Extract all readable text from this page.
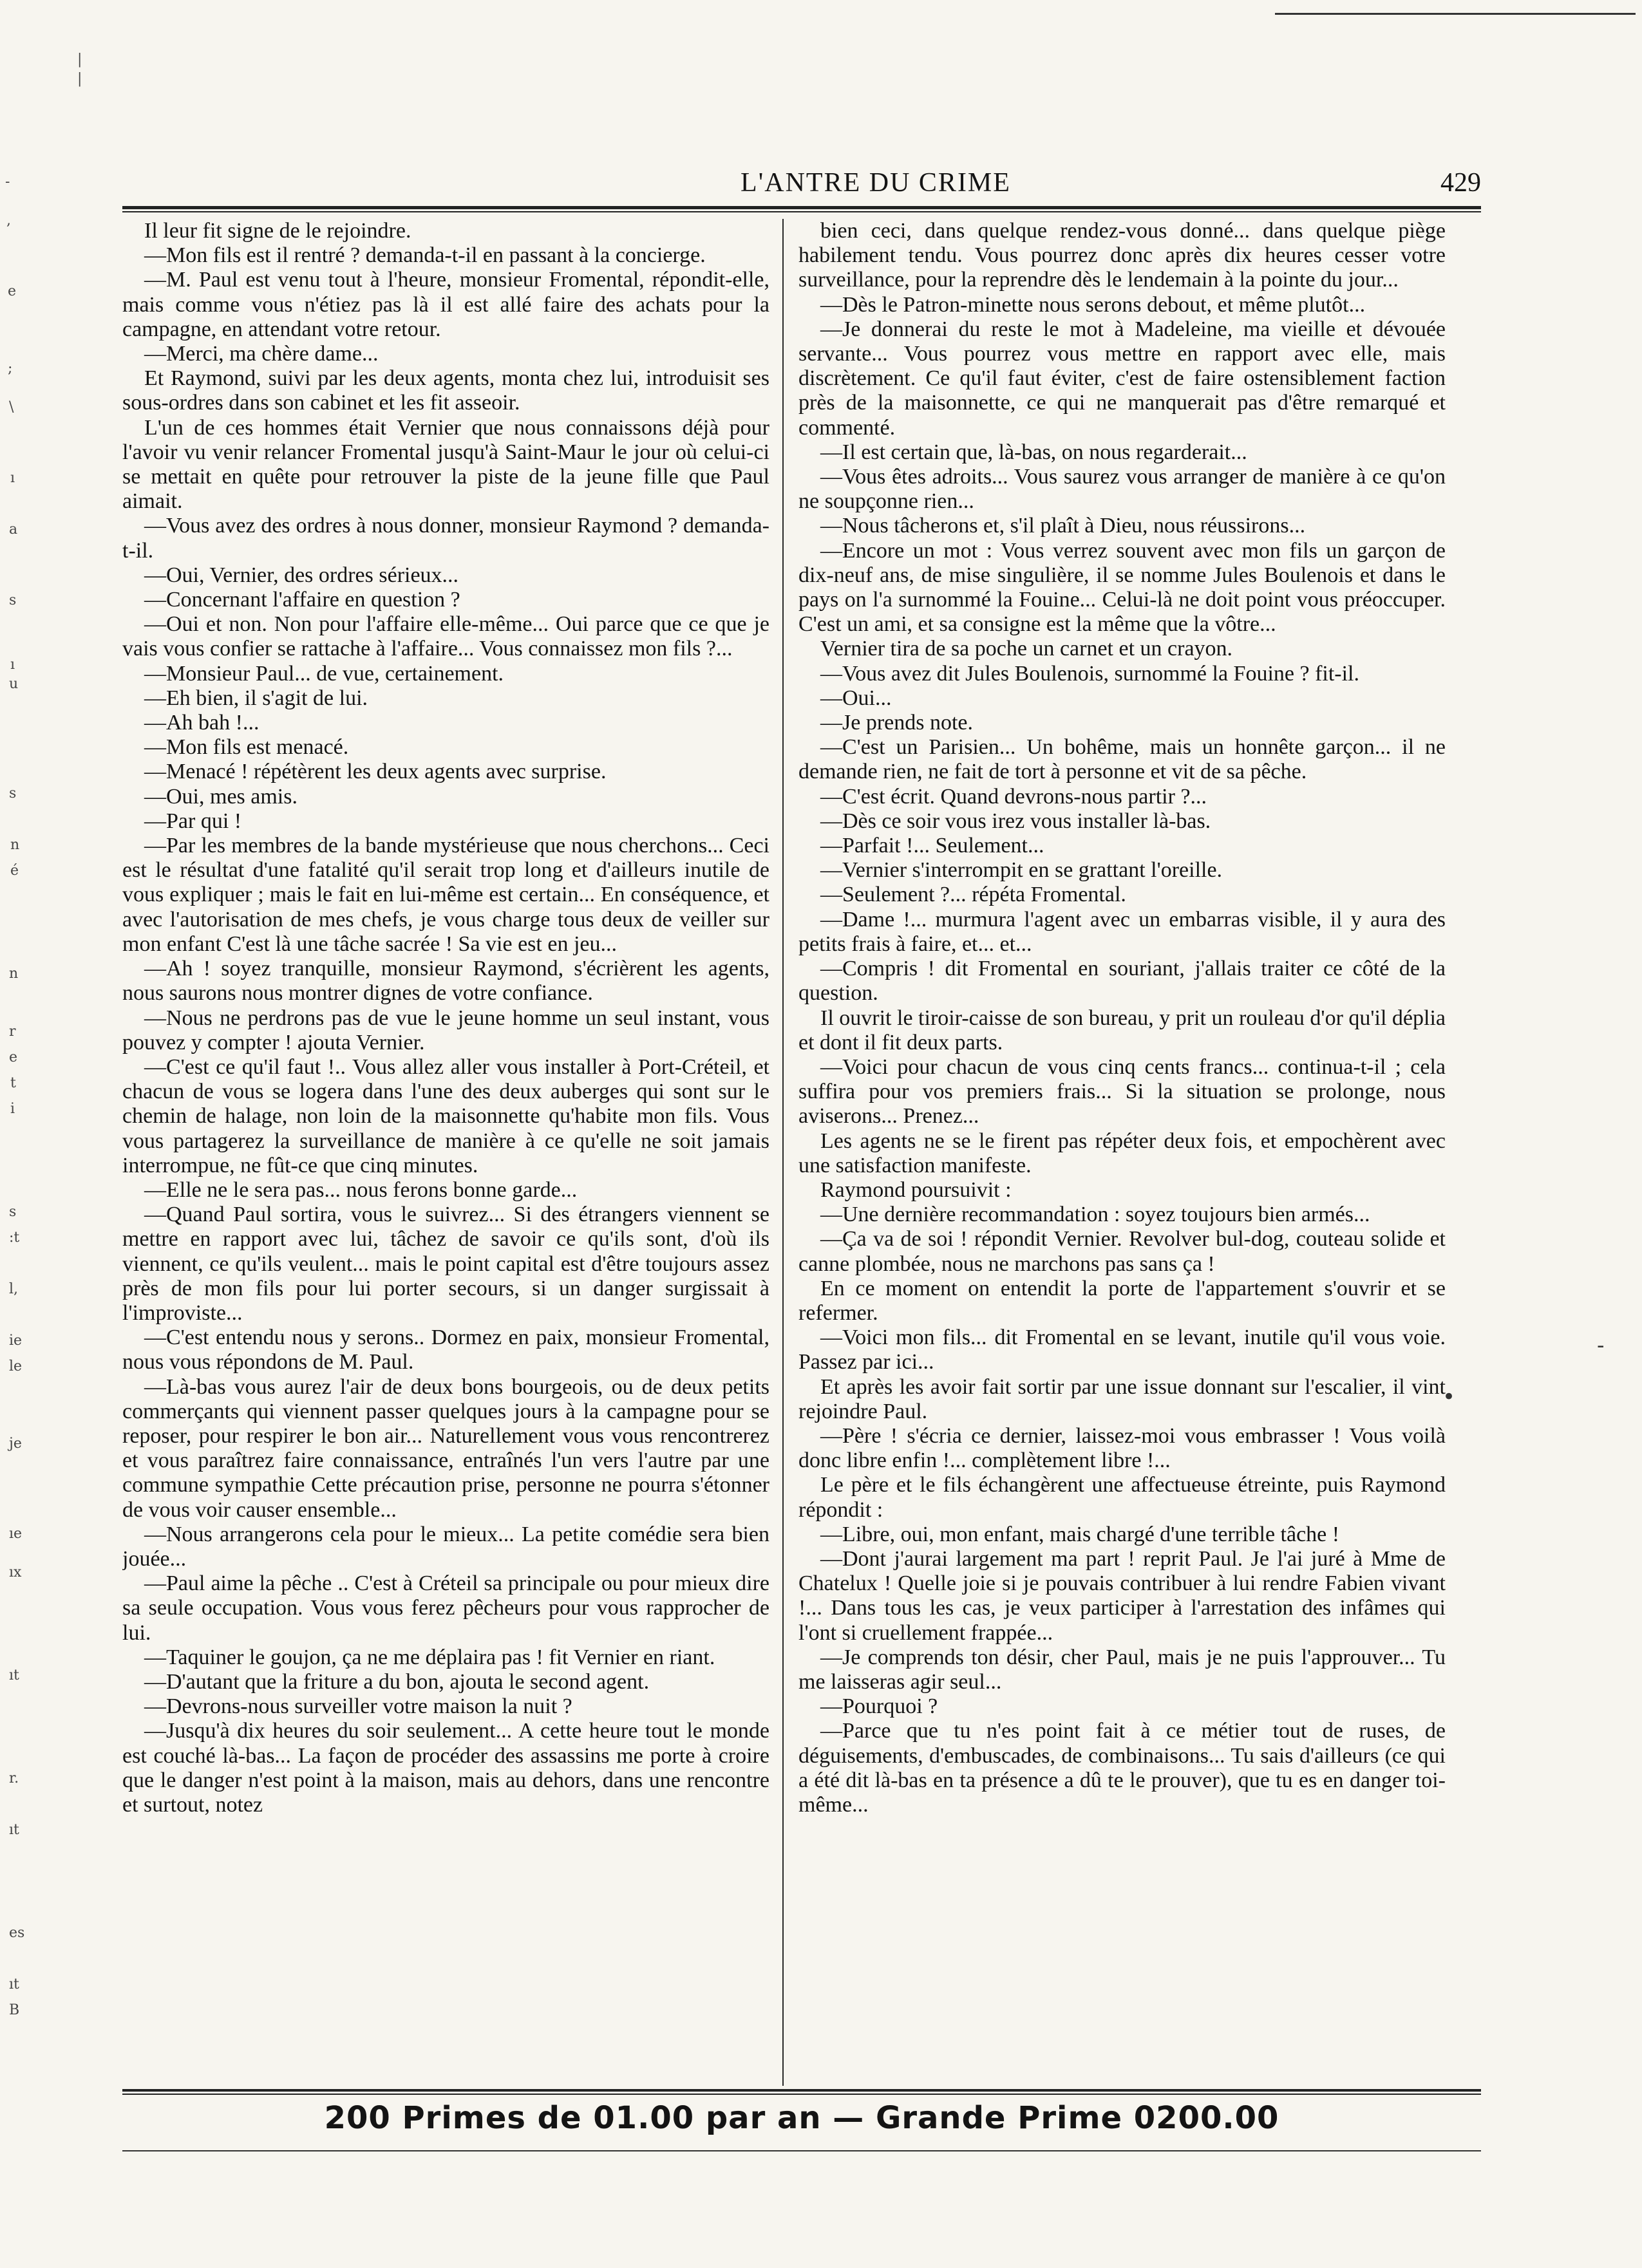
-
,
e
;
\
ı
a
s
ı
u
s
n
é
n
r
e
t
i
s
:t
l,
ie
le
je
ıe
ıx
ıt
r.
ıt
es
ıt
B
|
|
L'ANTRE DU CRIME	429

Il leur fit signe de le rejoindre.

—Mon fils est il rentré ? demanda-t-il en passant à la concierge.

—M. Paul est venu tout à l'heure, monsieur Fromental, répondit-elle, mais comme vous n'étiez pas là il est allé faire des achats pour la campagne, en attendant votre retour.

—Merci, ma chère dame...

Et Raymond, suivi par les deux agents, monta chez lui, introduisit ses sous-ordres dans son cabinet et les fit asseoir.

L'un de ces hommes était Vernier que nous connaissons déjà pour l'avoir vu venir relancer Fromental jusqu'à Saint-Maur le jour où celui-ci se mettait en quête pour retrouver la piste de la jeune fille que Paul aimait.

—Vous avez des ordres à nous donner, monsieur Raymond ? demanda-t-il.

—Oui, Vernier, des ordres sérieux...

—Concernant l'affaire en question ?

—Oui et non. Non pour l'affaire elle-même... Oui parce que ce que je vais vous confier se rattache à l'affaire... Vous connaissez mon fils ?...

—Monsieur Paul... de vue, certainement.

—Eh bien, il s'agit de lui.

—Ah bah !...

—Mon fils est menacé.

—Menacé ! répétèrent les deux agents avec surprise.

—Oui, mes amis.

—Par qui !

—Par les membres de la bande mystérieuse que nous cherchons... Ceci est le résultat d'une fatalité qu'il serait trop long et d'ailleurs inutile de vous expliquer ; mais le fait en lui-même est certain... En conséquence, et avec l'autorisation de mes chefs, je vous charge tous deux de veiller sur mon enfant C'est là une tâche sacrée ! Sa vie est en jeu...

—Ah ! soyez tranquille, monsieur Raymond, s'écrièrent les agents, nous saurons nous montrer dignes de votre confiance.

—Nous ne perdrons pas de vue le jeune homme un seul instant, vous pouvez y compter ! ajouta Vernier.

—C'est ce qu'il faut !.. Vous allez aller vous installer à Port-Créteil, et chacun de vous se logera dans l'une des deux auberges qui sont sur le chemin de halage, non loin de la maisonnette qu'habite mon fils. Vous vous partagerez la surveillance de manière à ce qu'elle ne soit jamais interrompue, ne fût-ce que cinq minutes.

—Elle ne le sera pas... nous ferons bonne garde...

—Quand Paul sortira, vous le suivrez... Si des étrangers viennent se mettre en rapport avec lui, tâchez de savoir ce qu'ils sont, d'où ils viennent, ce qu'ils veulent... mais le point capital est d'être toujours assez près de mon fils pour lui porter secours, si un danger surgissait à l'improviste...

—C'est entendu nous y serons.. Dormez en paix, monsieur Fromental, nous vous répondons de M. Paul.

—Là-bas vous aurez l'air de deux bons bourgeois, ou de deux petits commerçants qui viennent passer quelques jours à la campagne pour se reposer, pour respirer le bon air... Naturellement vous vous rencontrerez et vous paraîtrez faire connaissance, entraînés l'un vers l'autre par une commune sympathie Cette précaution prise, personne ne pourra s'étonner de vous voir causer ensemble...

—Nous arrangerons cela pour le mieux... La petite comédie sera bien jouée...

—Paul aime la pêche .. C'est à Créteil sa principale ou pour mieux dire sa seule occupation. Vous vous ferez pêcheurs pour vous rapprocher de lui.

—Taquiner le goujon, ça ne me déplaira pas ! fit Vernier en riant.

—D'autant que la friture a du bon, ajouta le second agent.

—Devrons-nous surveiller votre maison la nuit ?

—Jusqu'à dix heures du soir seulement... A cette heure tout le monde est couché là-bas... La façon de procéder des assassins me porte à croire que le danger n'est point à la maison, mais au dehors, dans une rencontre et surtout, notez

bien ceci, dans quelque rendez-vous donné... dans quelque piège habilement tendu. Vous pourrez donc après dix heures cesser votre surveillance, pour la reprendre dès le lendemain à la pointe du jour...

—Dès le Patron-minette nous serons debout, et même plutôt...

—Je donnerai du reste le mot à Madeleine, ma vieille et dévouée servante... Vous pourrez vous mettre en rapport avec elle, mais discrètement. Ce qu'il faut éviter, c'est de faire ostensiblement faction près de la maisonnette, ce qui ne manquerait pas d'être remarqué et commenté.

—Il est certain que, là-bas, on nous regarderait...

—Vous êtes adroits... Vous saurez vous arranger de manière à ce qu'on ne soupçonne rien...

—Nous tâcherons et, s'il plaît à Dieu, nous réussirons...

—Encore un mot : Vous verrez souvent avec mon fils un garçon de dix-neuf ans, de mise singulière, il se nomme Jules Boulenois et dans le pays on l'a surnommé la Fouine... Celui-là ne doit point vous préoccuper. C'est un ami, et sa consigne est la même que la vôtre...

Vernier tira de sa poche un carnet et un crayon.

—Vous avez dit Jules Boulenois, surnommé la Fouine ? fit-il.

—Oui...

—Je prends note.

—C'est un Parisien... Un bohême, mais un honnête garçon... il ne demande rien, ne fait de tort à personne et vit de sa pêche.

—C'est écrit. Quand devrons-nous partir ?...

—Dès ce soir vous irez vous installer là-bas.

—Parfait !... Seulement...

—Vernier s'interrompit en se grattant l'oreille.

—Seulement ?... répéta Fromental.

—Dame !... murmura l'agent avec un embarras visible, il y aura des petits frais à faire, et... et...

—Compris ! dit Fromental en souriant, j'allais traiter ce côté de la question.

Il ouvrit le tiroir-caisse de son bureau, y prit un rouleau d'or qu'il déplia et dont il fit deux parts.

—Voici pour chacun de vous cinq cents francs... continua-t-il ; cela suffira pour vos premiers frais... Si la situation se prolonge, nous aviserons... Prenez...

Les agents ne se le firent pas répéter deux fois, et empochèrent avec une satisfaction manifeste.

Raymond poursuivit :

—Une dernière recommandation : soyez toujours bien armés...

—Ça va de soi ! répondit Vernier. Revolver bul-dog, couteau solide et canne plombée, nous ne marchons pas sans ça !

En ce moment on entendit la porte de l'appartement s'ouvrir et se refermer.

—Voici mon fils... dit Fromental en se levant, inutile qu'il vous voie. Passez par ici...

Et après les avoir fait sortir par une issue donnant sur l'escalier, il vint rejoindre Paul.

—Père ! s'écria ce dernier, laissez-moi vous embrasser ! Vous voilà donc libre enfin !... complètement libre !...

Le père et le fils échangèrent une affectueuse étreinte, puis Raymond répondit :

—Libre, oui, mon enfant, mais chargé d'une terrible tâche !

—Dont j'aurai largement ma part ! reprit Paul. Je l'ai juré à Mme de Chatelux ! Quelle joie si je pouvais contribuer à lui rendre Fabien vivant !... Dans tous les cas, je veux participer à l'arrestation des infâmes qui l'ont si cruellement frappée...

—Je comprends ton désir, cher Paul, mais je ne puis l'approuver... Tu me laisseras agir seul...

—Pourquoi ?

—Parce que tu n'es point fait à ce métier tout de ruses, de déguisements, d'embuscades, de combinaisons... Tu sais d'ailleurs (ce qui a été dit là-bas en ta présence a dû te le prouver), que tu es en danger toi-même...

-
•
200 Primes de 01.00 par an — Grande Prime 0200.00
